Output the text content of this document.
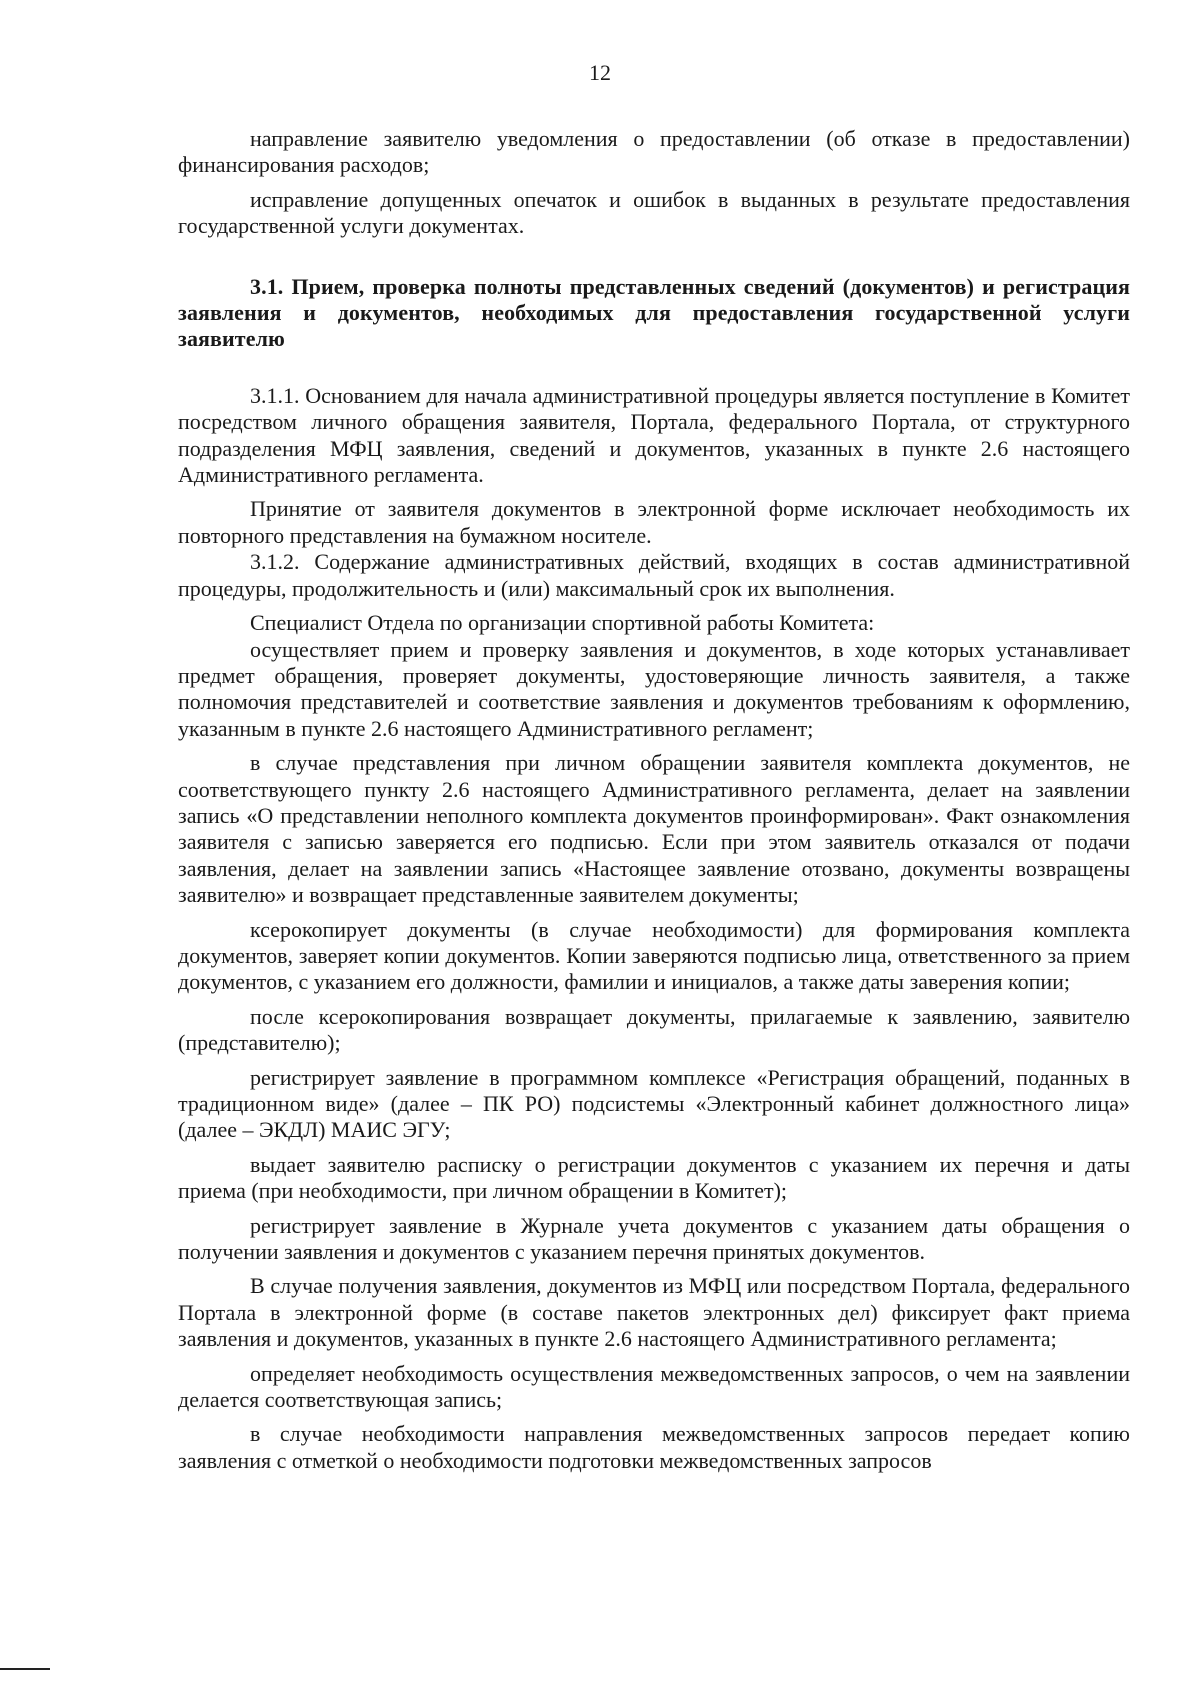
12

направление заявителю уведомления о предоставлении (об отказе в предоставлении) финансирования расходов;

исправление допущенных опечаток и ошибок в выданных в результате предоставления государственной услуги документах.

3.1. Прием, проверка полноты представленных сведений (документов) и регистрация заявления и документов, необходимых для предоставления государственной услуги заявителю

3.1.1. Основанием для начала административной процедуры является поступление в Комитет посредством личного обращения заявителя, Портала, федерального Портала, от структурного подразделения МФЦ заявления, сведений и документов, указанных в пункте 2.6 настоящего Административного регламента.

Принятие от заявителя документов в электронной форме исключает необходимость их повторного представления на бумажном носителе.

3.1.2. Содержание административных действий, входящих в состав административной процедуры, продолжительность и (или) максимальный срок их выполнения.

Специалист Отдела по организации спортивной работы Комитета:

осуществляет прием и проверку заявления и документов, в ходе которых устанавливает предмет обращения, проверяет документы, удостоверяющие личность заявителя, а также полномочия представителей и соответствие заявления и документов требованиям к оформлению, указанным в пункте 2.6 настоящего Административного регламент;

в случае представления при личном обращении заявителя комплекта документов, не соответствующего пункту 2.6 настоящего Административного регламента, делает на заявлении запись «О представлении неполного комплекта документов проинформирован». Факт ознакомления заявителя с записью заверяется его подписью. Если при этом заявитель отказался от подачи заявления, делает на заявлении запись «Настоящее заявление отозвано, документы возвращены заявителю» и возвращает представленные заявителем документы;

ксерокопирует документы (в случае необходимости) для формирования комплекта документов, заверяет копии документов. Копии заверяются подписью лица, ответственного за прием документов, с указанием его должности, фамилии и инициалов, а также даты заверения копии;

после ксерокопирования возвращает документы, прилагаемые к заявлению, заявителю (представителю);

регистрирует заявление в программном комплексе «Регистрация обращений, поданных в традиционном виде» (далее – ПК РО) подсистемы «Электронный кабинет должностного лица» (далее – ЭКДЛ) МАИС ЭГУ;

выдает заявителю расписку о регистрации документов с указанием их перечня и даты приема (при необходимости, при личном обращении в Комитет);

регистрирует заявление в Журнале учета документов с указанием даты обращения о получении заявления и документов с указанием перечня принятых документов.

В случае получения заявления, документов из МФЦ или посредством Портала, федерального Портала в электронной форме (в составе пакетов электронных дел) фиксирует факт приема заявления и документов, указанных в пункте 2.6 настоящего Административного регламента;

определяет необходимость осуществления межведомственных запросов, о чем на заявлении делается соответствующая запись;

в случае необходимости направления межведомственных запросов передает копию заявления с отметкой о необходимости подготовки межведомственных запросов
